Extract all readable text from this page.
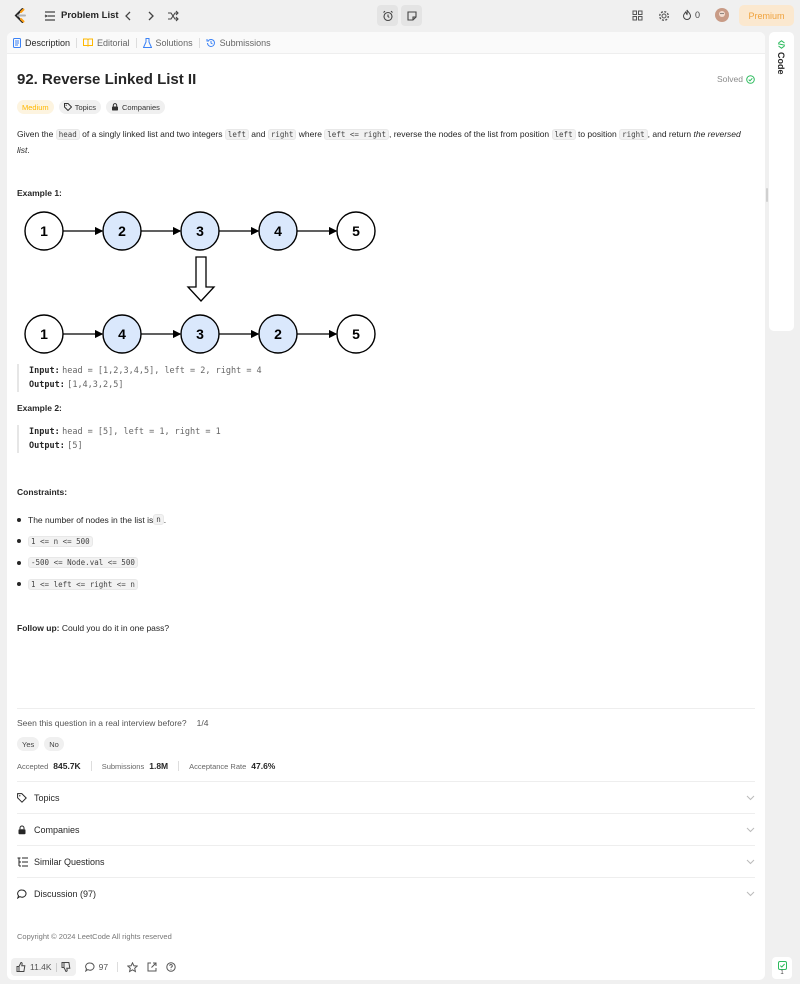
Problem List	0	Premium
Description	Editorial	Solutions	Submissions
92. Reverse Linked List II	Solved
Medium	Topics	Companies
Given the head of a singly linked list and two integers left and right where left <= right , reverse the nodes of the list from position left to position right , and return the reversed list.
Example 1:
1	2	3	4	5
1	4	3	2	5
Input: head = [1,2,3,4,5], left = 2, right = 4
Output: [1,4,3,2,5]
Example 2:
Input: head = [5], left = 1, right = 1
Output: [5]
Constraints:
The number of nodes in the list is n .
1 <= n <= 500
-500 <= Node.val <= 500
1 <= left <= right <= n
Follow up: Could you do it in one pass?
Seen this question in a real interview before? 1/4
Yes	No
Accepted 845.7K	Submissions 1.8M	Acceptance Rate 47.6%
Topics
Companies
Similar Questions
Discussion (97)
Copyright © 2024 LeetCode All rights reserved
11.4K	97
Code
1
